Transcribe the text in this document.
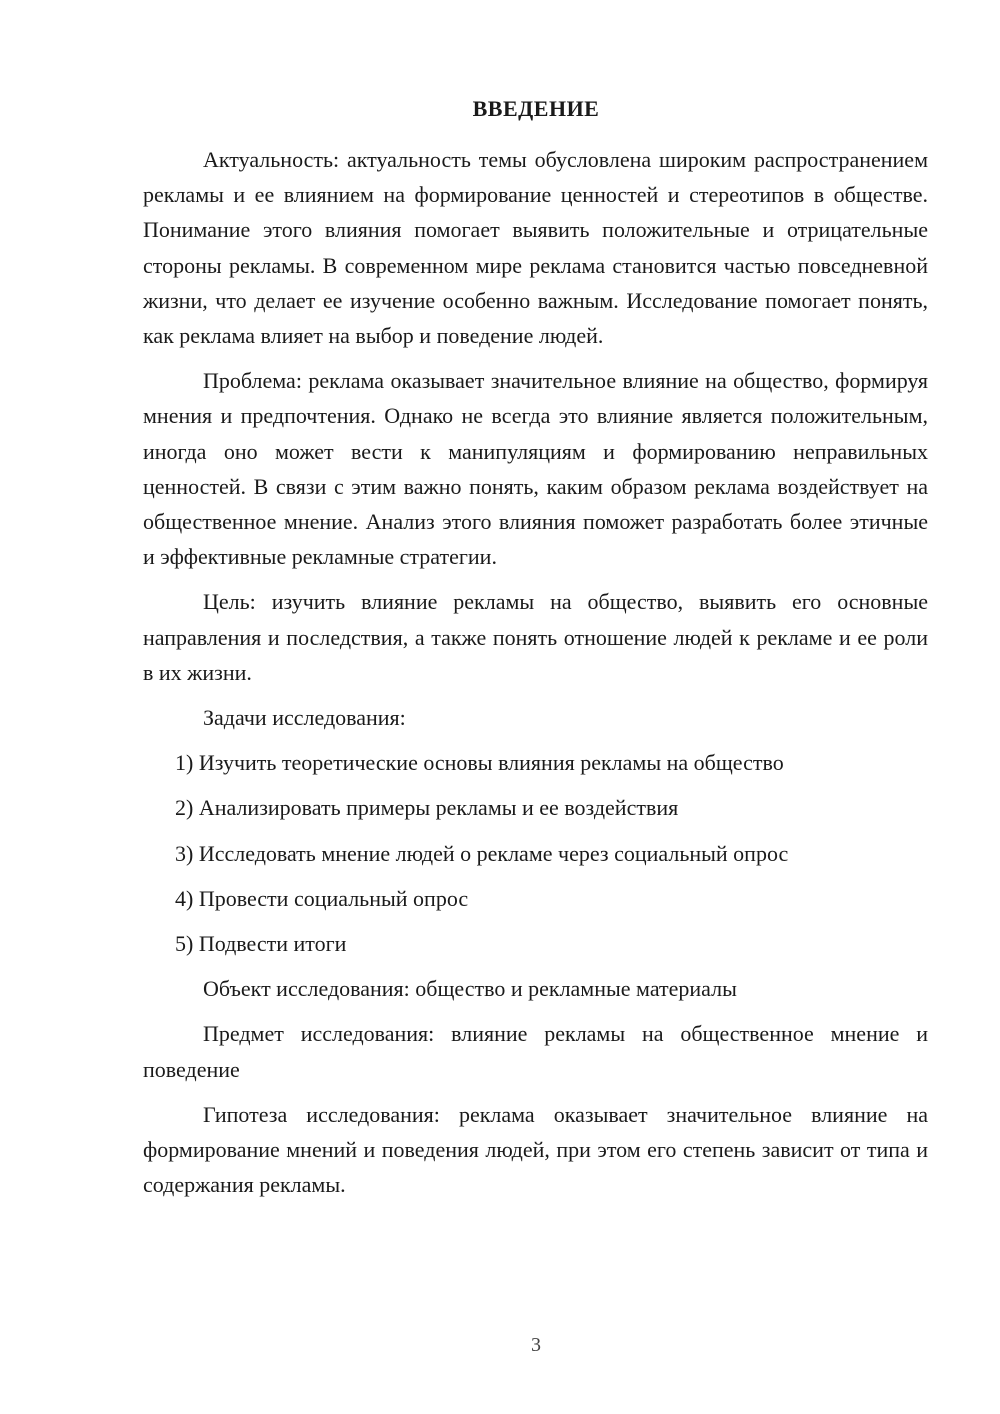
ВВЕДЕНИЕ

Актуальность: актуальность темы обусловлена широким распространением рекламы и ее влиянием на формирование ценностей и стереотипов в обществе. Понимание этого влияния помогает выявить положительные и отрицательные стороны рекламы. В современном мире реклама становится частью повседневной жизни, что делает ее изучение особенно важным. Исследование помогает понять, как реклама влияет на выбор и поведение людей.

Проблема: реклама оказывает значительное влияние на общество, формируя мнения и предпочтения. Однако не всегда это влияние является положительным, иногда оно может вести к манипуляциям и формированию неправильных ценностей. В связи с этим важно понять, каким образом реклама воздействует на общественное мнение. Анализ этого влияния поможет разработать более этичные и эффективные рекламные стратегии.

Цель: изучить влияние рекламы на общество, выявить его основные направления и последствия, а также понять отношение людей к рекламе и ее роли в их жизни.

Задачи исследования:

1) Изучить теоретические основы влияния рекламы на общество

2) Анализировать примеры рекламы и ее воздействия

3) Исследовать мнение людей о рекламе через социальный опрос

4) Провести социальный опрос

5) Подвести итоги

Объект исследования: общество и рекламные материалы

Предмет исследования: влияние рекламы на общественное мнение и поведение

Гипотеза исследования: реклама оказывает значительное влияние на формирование мнений и поведения людей, при этом его степень зависит от типа и содержания рекламы.

3
